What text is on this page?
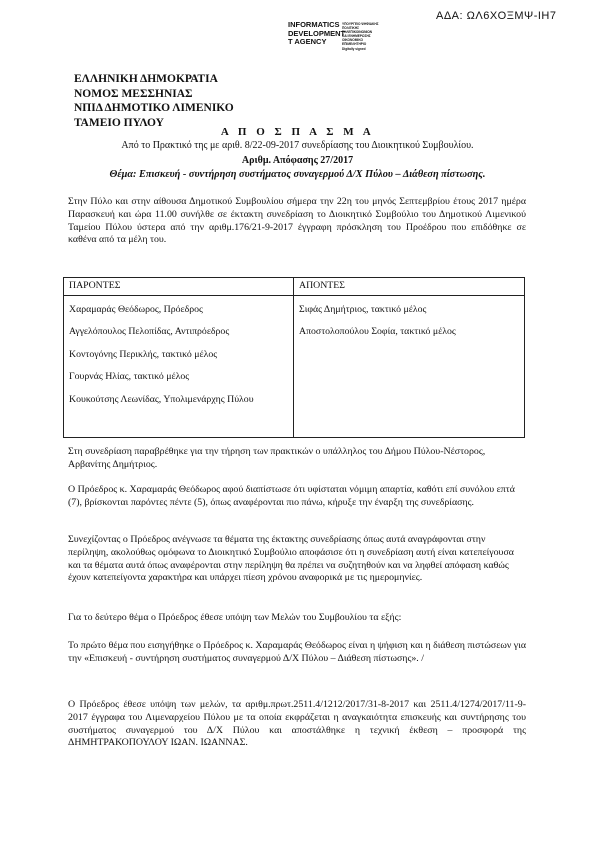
ΑΔΑ: ΩΛ6ΧΟΞΜΨ-ΙΗ7
INFORMATICS
DEVELOPMENT
T AGENCY
ΥΠΟΥΡΓΕΙΟ ΨΗΦΙΑΚΗΣ
ΠΟΛΙΤΙΚΗΣ
ΤΗΛΕΠΙΚΟΙΝΩΝΙΩΝ
ΚΑΙ ΕΝΗΜΕΡΩΣΗΣ
ΟΙΚΟΝΟΜΙΚΟ
ΕΠΙΜΕΛΗΤΗΡΙΟ
Digitally signed
ΕΛΛΗΝΙΚΗ ΔΗΜΟΚΡΑΤΙΑ
ΝΟΜΟΣ ΜΕΣΣΗΝΙΑΣ
ΝΠΙΔ ΔΗΜΟΤΙΚΟ ΛΙΜΕΝΙΚΟ
ΤΑΜΕΙΟ ΠΥΛΟΥ
Α Π Ο Σ Π Α Σ Μ Α
Από το Πρακτικό της με αριθ. 8/22-09-2017 συνεδρίασης του Διοικητικού Συμβουλίου.
Αριθμ. Απόφασης 27/2017
Θέμα: Επισκευή - συντήρηση συστήματος συναγερμού Δ/Χ Πύλου – Διάθεση πίστωσης.

Στην Πύλο και στην αίθουσα Δημοτικού Συμβουλίου σήμερα την 22η του μηνός Σεπτεμβρίου έτους 2017 ημέρα Παρασκευή και ώρα 11.00 συνήλθε σε έκτακτη συνεδρίαση το Διοικητικό Συμβούλιο του Δημοτικού Λιμενικού Ταμείου Πύλου ύστερα από την αριθμ.176/21-9-2017 έγγραφη πρόσκληση του Προέδρου που επιδόθηκε σε καθένα από τα μέλη του.

ΠΑΡΟΝΤΕΣ	ΑΠΟΝΤΕΣ
Χαραμαράς Θεόδωρος, Πρόεδρος
Αγγελόπουλος Πελοπίδας, Αντιπρόεδρος
Κοντογόνης Περικλής, τακτικό μέλος
Γουρνάς Ηλίας, τακτικό μέλος
Κουκούτσης Λεωνίδας, Υπολιμενάρχης Πύλου
Σιφάς Δημήτριος, τακτικό μέλος
Αποστολοπούλου Σοφία, τακτικό μέλος

Στη συνεδρίαση παραβρέθηκε για την τήρηση των πρακτικών ο υπάλληλος του Δήμου Πύλου-Νέστορος, Αρβανίτης Δημήτριος.

Ο Πρόεδρος κ. Χαραμαράς Θεόδωρος αφού διαπίστωσε ότι υφίσταται νόμιμη απαρτία, καθότι επί συνόλου επτά (7), βρίσκονται παρόντες πέντε (5), όπως αναφέρονται πιο πάνω, κήρυξε την έναρξη της συνεδρίασης.

Συνεχίζοντας ο Πρόεδρος ανέγνωσε τα θέματα της έκτακτης συνεδρίασης όπως αυτά αναγράφονται στην περίληψη, ακολούθως ομόφωνα το Διοικητικό Συμβούλιο αποφάσισε ότι η συνεδρίαση αυτή είναι κατεπείγουσα και τα θέματα αυτά όπως αναφέρονται στην περίληψη θα πρέπει να συζητηθούν και να ληφθεί απόφαση καθώς έχουν κατεπείγοντα χαρακτήρα και υπάρχει πίεση χρόνου αναφορικά με τις ημερομηνίες.

Για το δεύτερο θέμα ο Πρόεδρος έθεσε υπόψη των Μελών του Συμβουλίου τα εξής:

Το πρώτο θέμα που εισηγήθηκε ο Πρόεδρος κ. Χαραμαράς Θεόδωρος είναι η ψήφιση και η διάθεση πιστώσεων για την «Επισκευή - συντήρηση συστήματος συναγερμού Δ/Χ Πύλου – Διάθεση πίστωσης». /

Ο Πρόεδρος έθεσε υπόψη των μελών, τα αριθμ.πρωτ.2511.4/1212/2017/31-8-2017 και 2511.4/1274/2017/11-9-2017 έγγραφα του Λιμεναρχείου Πύλου με τα οποία εκφράζεται η αναγκαιότητα επισκευής και συντήρησης του συστήματος συναγερμού του Δ/Χ Πύλου και αποστάλθηκε η τεχνική έκθεση – προσφορά της ΔΗΜΗΤΡΑΚΟΠΟΥΛΟΥ ΙΩΑΝ. ΙΩΑΝΝΑΣ.
